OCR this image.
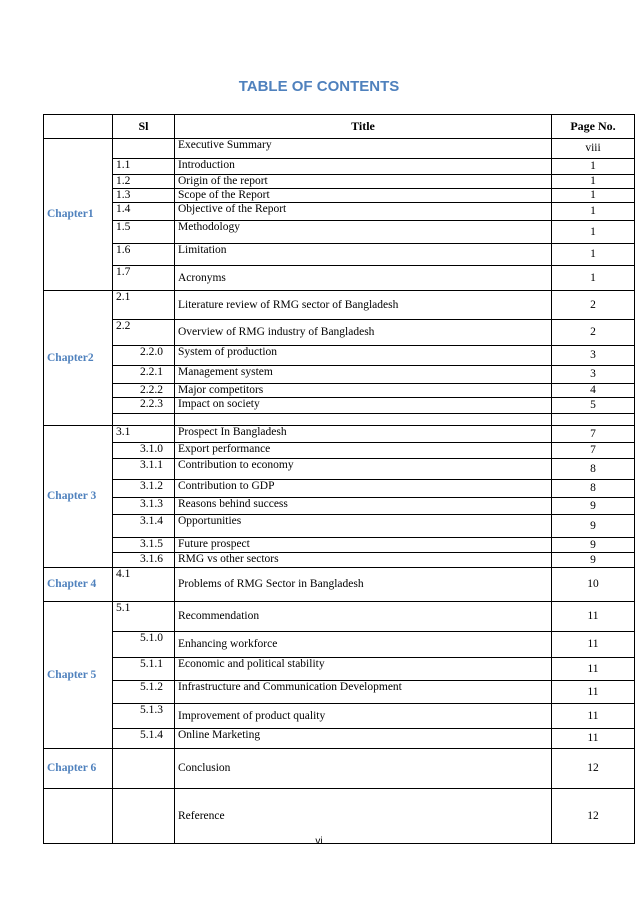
TABLE OF CONTENTS
	Sl	Title	Page No.
Chapter1		Executive Summary	viii
	1.1	Introduction	1
	1.2	Origin of the report	1
	1.3	Scope of the Report	1
	1.4	Objective of the Report	1
	1.5	Methodology	1
	1.6	Limitation	1
	1.7	Acronyms	1
Chapter2	2.1	Literature review of RMG sector of Bangladesh	2
	2.2	Overview of RMG industry of Bangladesh	2
	2.2.0	System of production	3
	2.2.1	Management system	3
	2.2.2	Major competitors	4
	2.2.3	Impact on society	5

Chapter 3	3.1	Prospect In Bangladesh	7
	3.1.0	Export performance	7
	3.1.1	Contribution to economy	8
	3.1.2	Contribution to GDP	8
	3.1.3	Reasons behind success	9
	3.1.4	Opportunities	9
	3.1.5	Future prospect	9
	3.1.6	RMG vs other sectors	9
Chapter 4	4.1	Problems of RMG Sector in Bangladesh	10
Chapter 5	5.1	Recommendation	11
	5.1.0	Enhancing workforce	11
	5.1.1	Economic and political stability	11
	5.1.2	Infrastructure and Communication Development	11
	5.1.3	Improvement of product quality	11
	5.1.4	Online Marketing	11
Chapter 6		Conclusion	12
		Reference	12
vi
